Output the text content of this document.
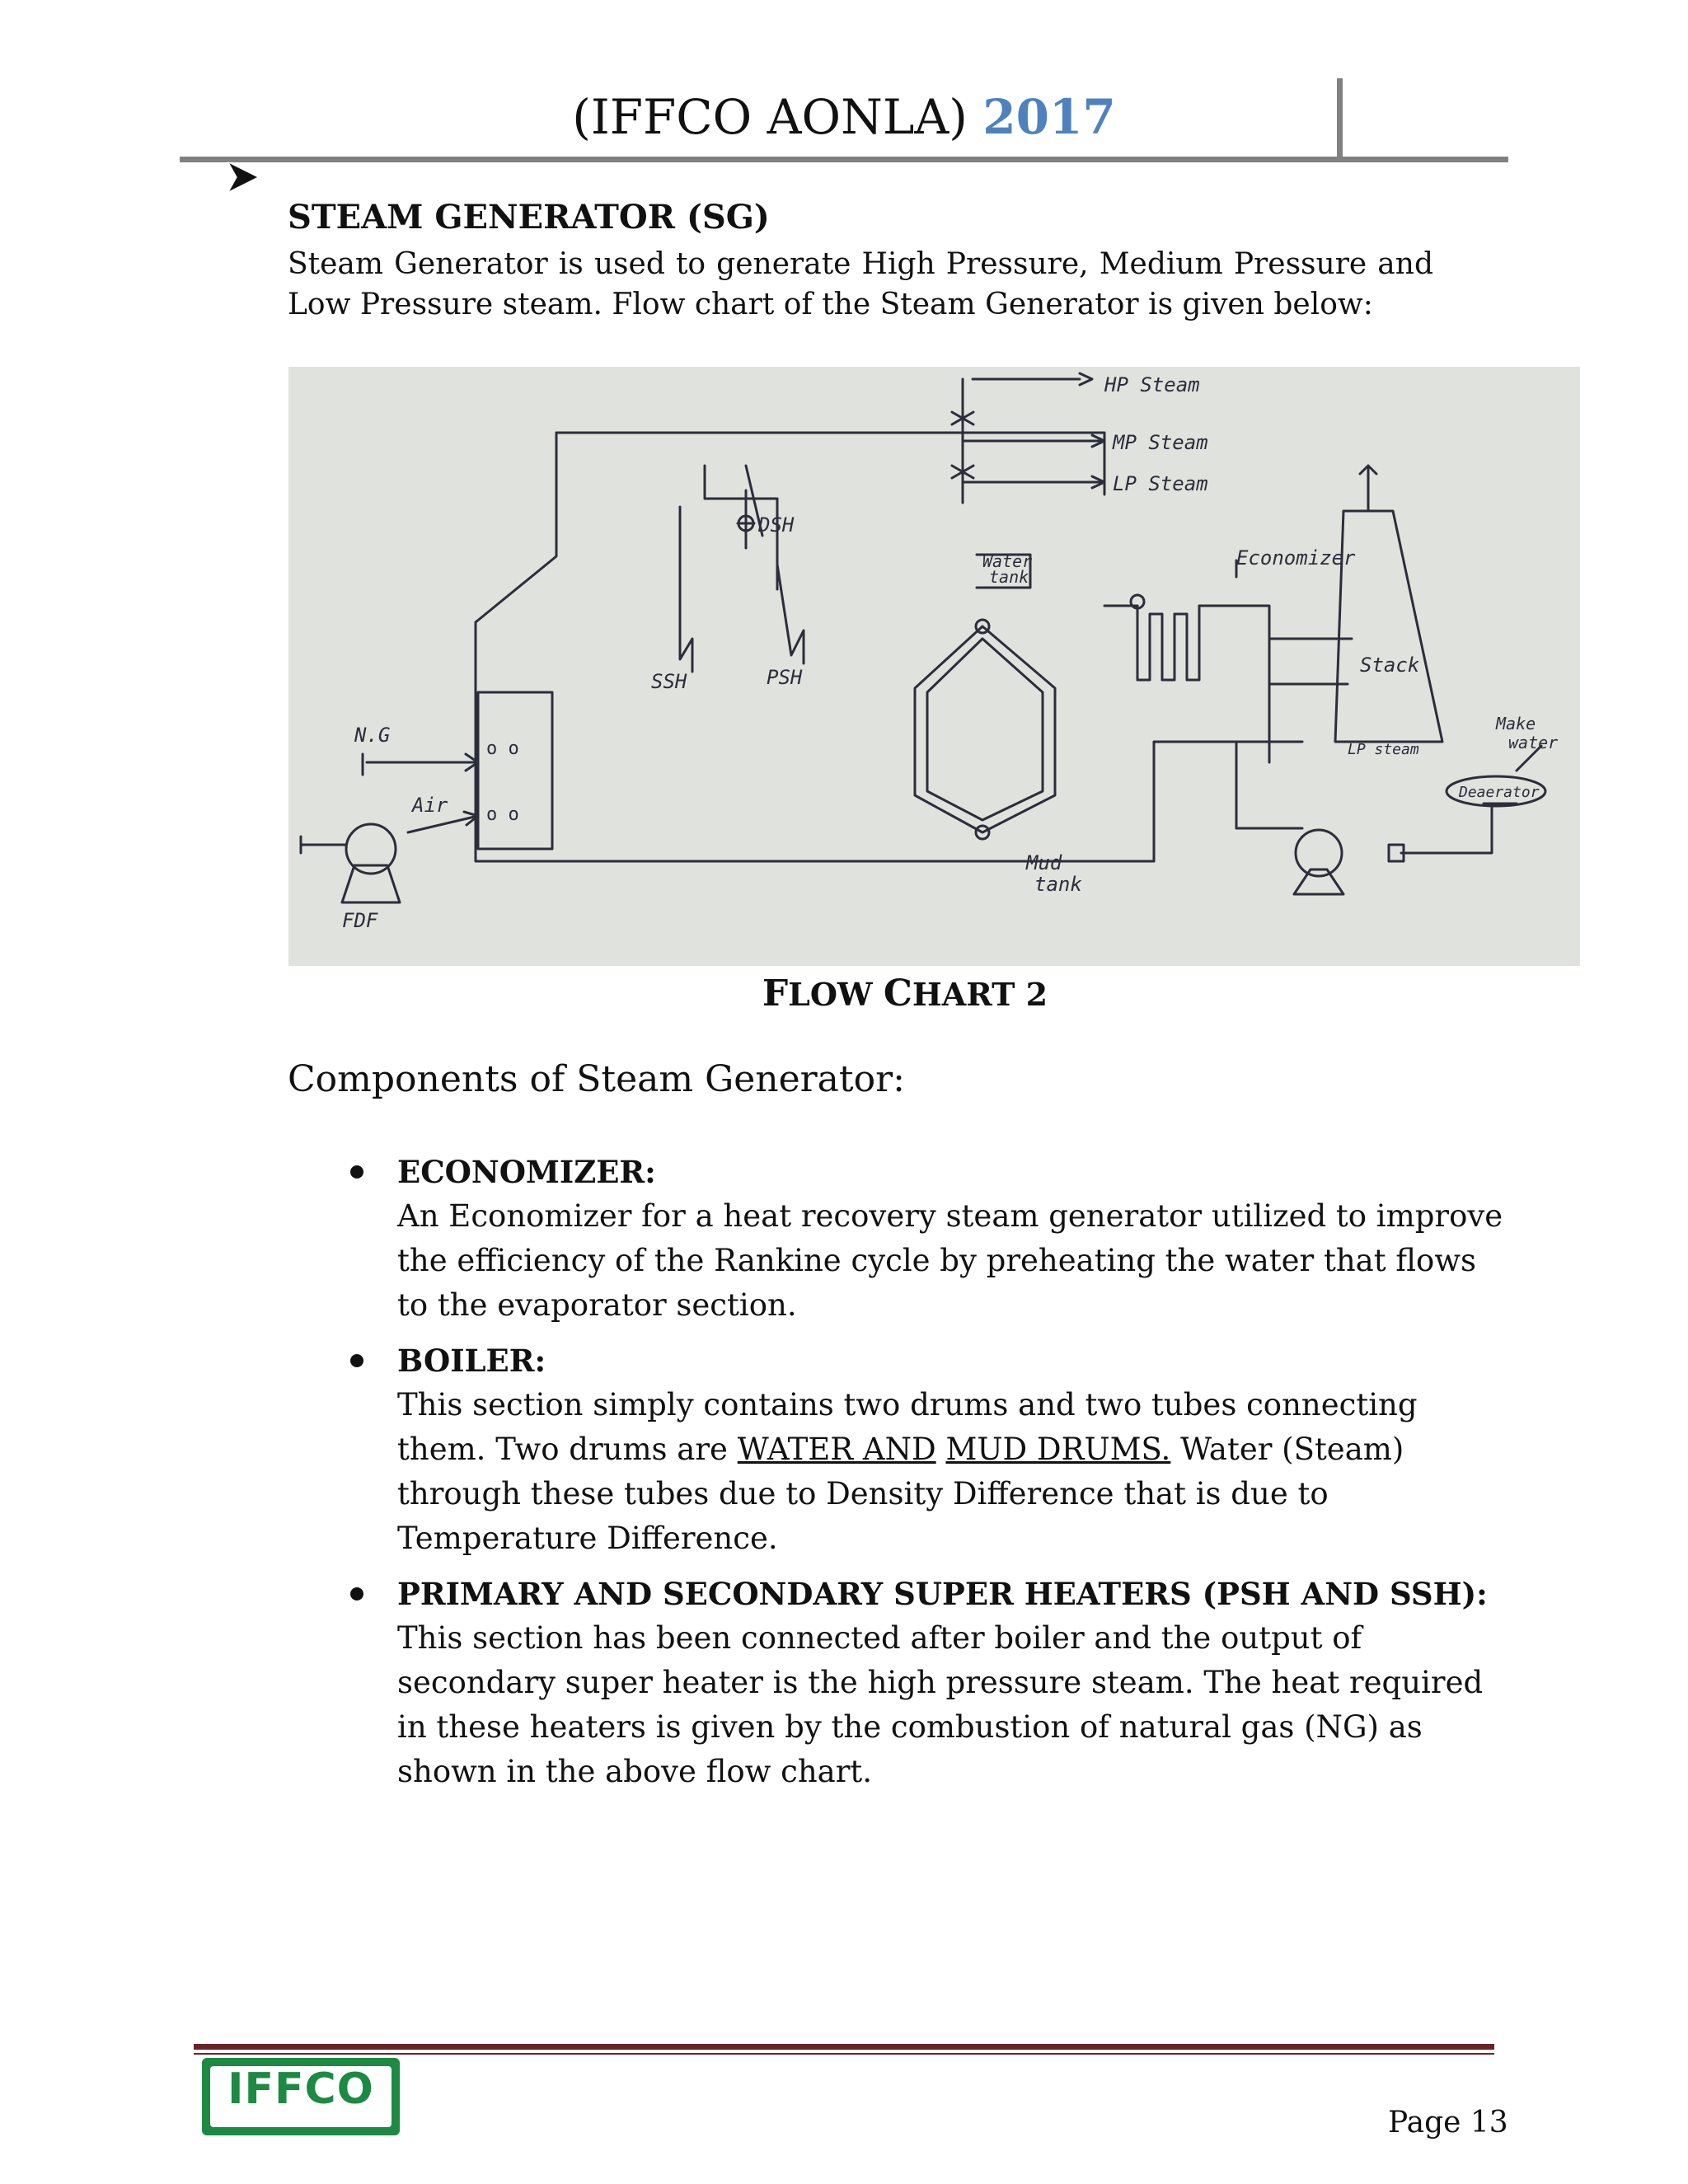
(IFFCO AONLA) 2017
STEAM GENERATOR (SG)
Steam Generator is used to generate High Pressure, Medium Pressure and Low Pressure steam. Flow chart of the Steam Generator is given below:
HP Steam
MP Steam
LP Steam
DSH
SSH	PSH
Water
tank
Economizer
Stack
N.G
Air
FDF
Mud
tank
LP steam
Make
water
Deaerator
o o
o o
FLOW CHART 2
Components of Steam Generator:
ECONOMIZER:
An Economizer for a heat recovery steam generator utilized to improve the efficiency of the Rankine cycle by preheating the water that flows to the evaporator section.
BOILER:
This section simply contains two drums and two tubes connecting them. Two drums are WATER AND MUD DRUMS. Water (Steam) through these tubes due to Density Difference that is due to Temperature Difference.
PRIMARY AND SECONDARY SUPER HEATERS (PSH AND SSH):
This section has been connected after boiler and the output of secondary super heater is the high pressure steam. The heat required in these heaters is given by the combustion of natural gas (NG) as shown in the above flow chart.
IFFCO
Page 13
